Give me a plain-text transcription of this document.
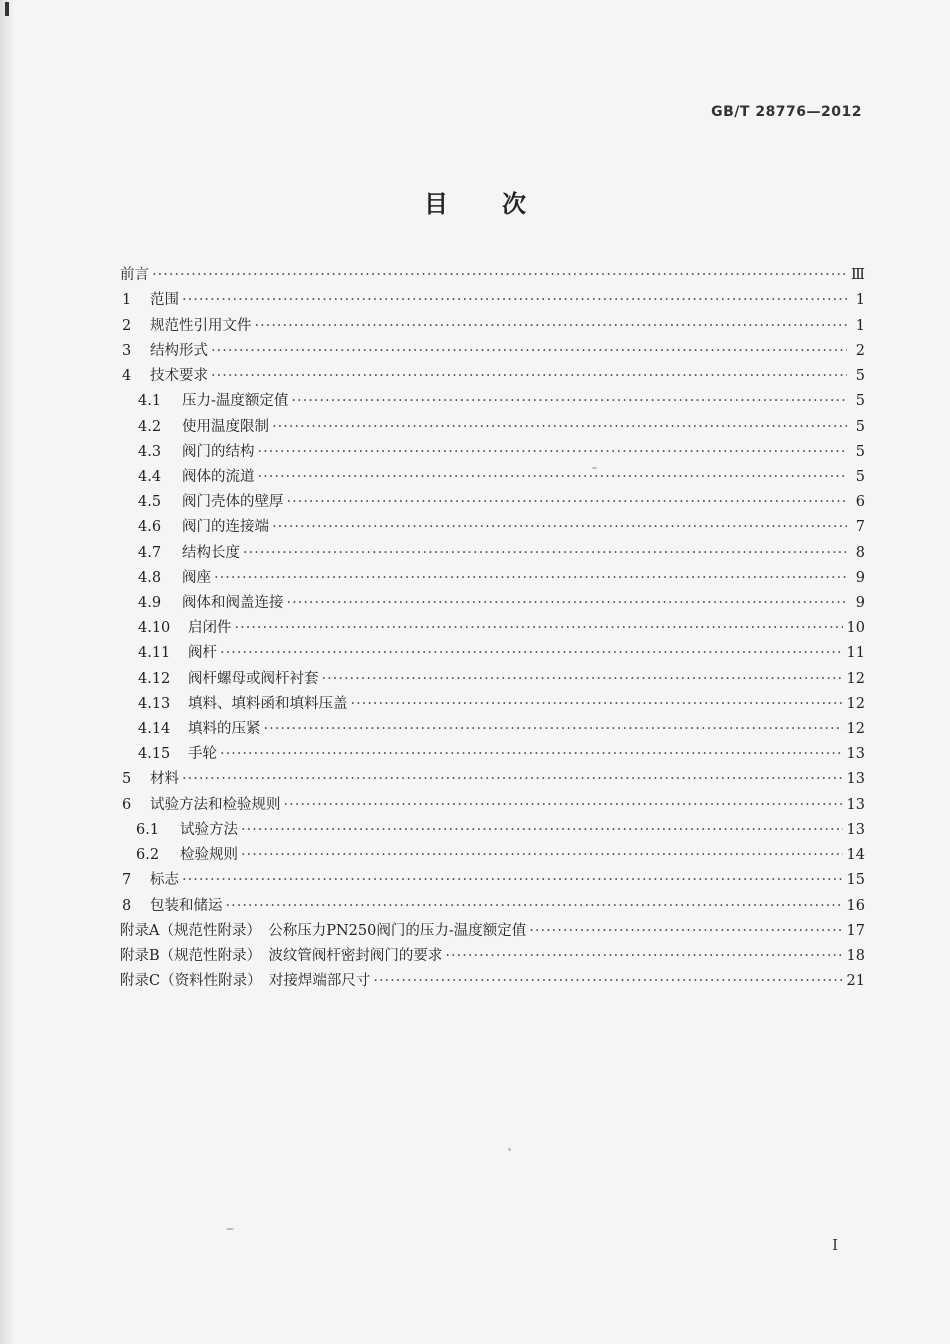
GB/T 28776—2012
目次
前言 ·····	Ⅲ
1	范围 ·····	1
2	规范性引用文件 ·····	1
3	结构形式 ·····	2
4	技术要求 ·····	5
4.1	压力-温度额定值 ·····	5
4.2	使用温度限制 ·····	5
4.3	阀门的结构 ·····	5
4.4	阀体的流道 ·····	5
4.5	阀门壳体的壁厚 ·····	6
4.6	阀门的连接端 ·····	7
4.7	结构长度 ·····	8
4.8	阀座 ·····	9
4.9	阀体和阀盖连接 ·····	9
4.10	启闭件 ·····	10
4.11	阀杆 ·····	11
4.12	阀杆螺母或阀杆衬套 ·····	12
4.13	填料、填料函和填料压盖 ·····	12
4.14	填料的压紧 ·····	12
4.15	手轮 ·····	13
5	材料 ·····	13
6	试验方法和检验规则 ·····	13
6.1	试验方法 ·····	13
6.2	检验规则 ·····	14
7	标志 ·····	15
8	包装和储运 ·····	16
附录A（规范性附录）　公称压力PN250阀门的压力-温度额定值 ·····	17
附录B（规范性附录）　波纹管阀杆密封阀门的要求 ·····	18
附录C（资料性附录）　对接焊端部尺寸 ·····	21
I
